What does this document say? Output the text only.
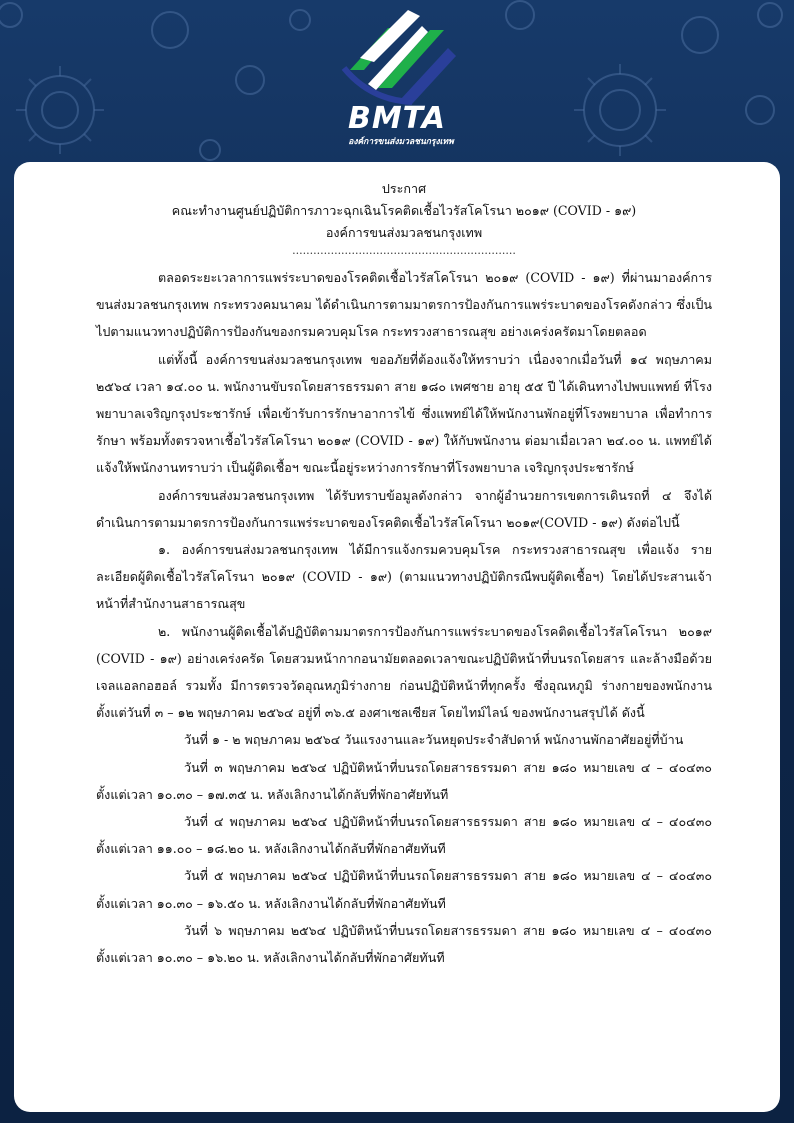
BMTA
องค์การขนส่งมวลชนกรุงเทพ
ประกาศ
คณะทำงานศูนย์ปฏิบัติการภาวะฉุกเฉินโรคติดเชื้อไวรัสโคโรนา ๒๐๑๙ (COVID - ๑๙)
องค์การขนส่งมวลชนกรุงเทพ
................................................................

ตลอดระยะเวลาการแพร่ระบาดของโรคติดเชื้อไวรัสโคโรนา ๒๐๑๙ (COVID - ๑๙) ที่ผ่านมาองค์การ ขนส่งมวลชนกรุงเทพ กระทรวงคมนาคม ได้ดำเนินการตามมาตรการป้องกันการแพร่ระบาดของโรคดังกล่าว ซึ่งเป็นไปตามแนวทางปฏิบัติการป้องกันของกรมควบคุมโรค กระทรวงสาธารณสุข อย่างเคร่งครัดมาโดยตลอด

แต่ทั้งนี้ องค์การขนส่งมวลชนกรุงเทพ ขออภัยที่ต้องแจ้งให้ทราบว่า เนื่องจากเมื่อวันที่ ๑๔ พฤษภาคม ๒๕๖๔ เวลา ๑๔.๐๐ น. พนักงานขับรถโดยสารธรรมดา สาย ๑๘๐ เพศชาย อายุ ๕๕ ปี ได้เดินทางไปพบแพทย์ ที่โรงพยาบาลเจริญกรุงประชารักษ์ เพื่อเข้ารับการรักษาอาการไข้ ซึ่งแพทย์ได้ให้พนักงานพักอยู่ที่โรงพยาบาล เพื่อทำการรักษา พร้อมทั้งตรวจหาเชื้อไวรัสโคโรนา ๒๐๑๙ (COVID - ๑๙) ให้กับพนักงาน ต่อมาเมื่อเวลา ๒๔.๐๐ น. แพทย์ได้แจ้งให้พนักงานทราบว่า เป็นผู้ติดเชื้อฯ ขณะนี้อยู่ระหว่างการรักษาที่โรงพยาบาล เจริญกรุงประชารักษ์

องค์การขนส่งมวลชนกรุงเทพ ได้รับทราบข้อมูลดังกล่าว จากผู้อำนวยการเขตการเดินรถที่ ๔ จึงได้ดำเนินการตามมาตรการป้องกันการแพร่ระบาดของโรคติดเชื้อไวรัสโคโรนา ๒๐๑๙(COVID - ๑๙) ดังต่อไปนี้

๑. องค์การขนส่งมวลชนกรุงเทพ ได้มีการแจ้งกรมควบคุมโรค กระทรวงสาธารณสุข เพื่อแจ้ง รายละเอียดผู้ติดเชื้อไวรัสโคโรนา ๒๐๑๙ (COVID - ๑๙) (ตามแนวทางปฏิบัติกรณีพบผู้ติดเชื้อฯ) โดยได้ประสานเจ้าหน้าที่สำนักงานสาธารณสุข

๒. พนักงานผู้ติดเชื้อได้ปฏิบัติตามมาตรการป้องกันการแพร่ระบาดของโรคติดเชื้อไวรัสโคโรนา ๒๐๑๙ (COVID - ๑๙) อย่างเคร่งครัด โดยสวมหน้ากากอนามัยตลอดเวลาขณะปฏิบัติหน้าที่บนรถโดยสาร และล้างมือด้วยเจลแอลกอฮอล์ รวมทั้ง มีการตรวจวัดอุณหภูมิร่างกาย ก่อนปฏิบัติหน้าที่ทุกครั้ง ซึ่งอุณหภูมิ ร่างกายของพนักงาน ตั้งแต่วันที่ ๓ – ๑๒ พฤษภาคม ๒๕๖๔ อยู่ที่ ๓๖.๕ องศาเซลเซียส โดยไทม์ไลน์ ของพนักงานสรุปได้ ดังนี้

วันที่ ๑ - ๒ พฤษภาคม ๒๕๖๔ วันแรงงานและวันหยุดประจำสัปดาห์ พนักงานพักอาศัยอยู่ที่บ้าน

วันที่ ๓ พฤษภาคม ๒๕๖๔ ปฏิบัติหน้าที่บนรถโดยสารธรรมดา สาย ๑๘๐ หมายเลข ๔ – ๔๐๔๓๐ ตั้งแต่เวลา ๑๐.๓๐ – ๑๗.๓๕ น. หลังเลิกงานได้กลับที่พักอาศัยทันที

วันที่ ๔ พฤษภาคม ๒๕๖๔ ปฏิบัติหน้าที่บนรถโดยสารธรรมดา สาย ๑๘๐ หมายเลข ๔ – ๔๐๔๓๐ ตั้งแต่เวลา ๑๑.๐๐ – ๑๘.๒๐ น. หลังเลิกงานได้กลับที่พักอาศัยทันที

วันที่ ๕ พฤษภาคม ๒๕๖๔ ปฏิบัติหน้าที่บนรถโดยสารธรรมดา สาย ๑๘๐ หมายเลข ๔ – ๔๐๔๓๐ ตั้งแต่เวลา ๑๐.๓๐ – ๑๖.๕๐ น. หลังเลิกงานได้กลับที่พักอาศัยทันที

วันที่ ๖ พฤษภาคม ๒๕๖๔ ปฏิบัติหน้าที่บนรถโดยสารธรรมดา สาย ๑๘๐ หมายเลข ๔ – ๔๐๔๓๐ ตั้งแต่เวลา ๑๐.๓๐ – ๑๖.๒๐ น. หลังเลิกงานได้กลับที่พักอาศัยทันที
